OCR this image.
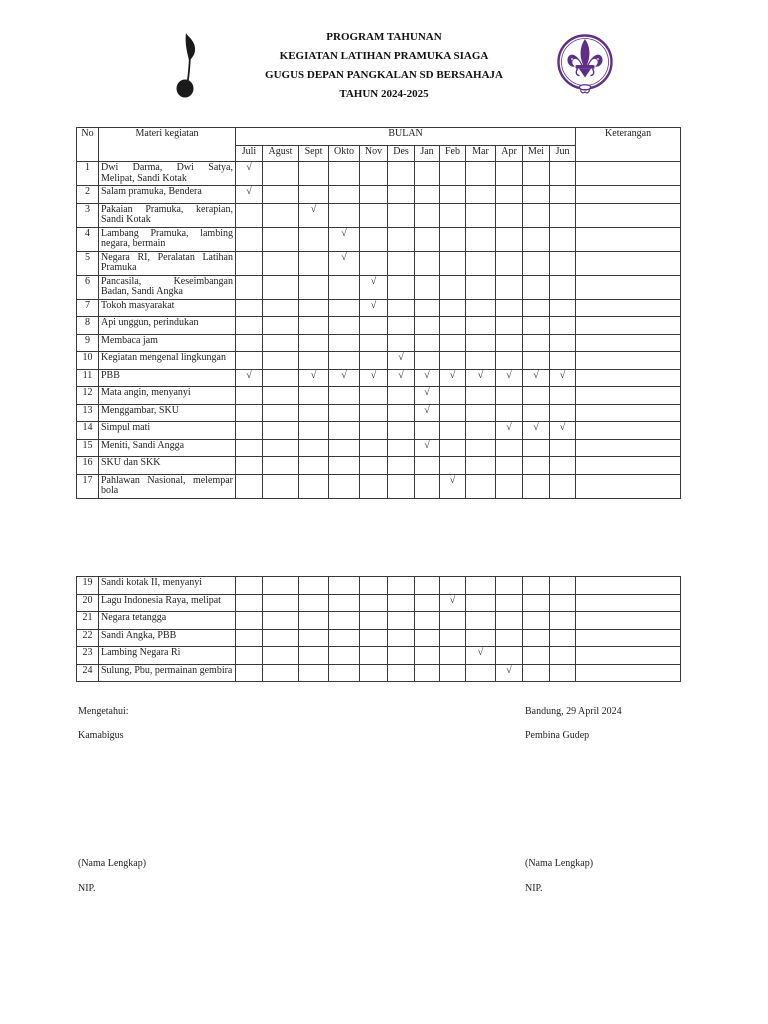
PROGRAM TAHUNAN
KEGIATAN LATIHAN PRAMUKA SIAGA
GUGUS DEPAN PANGKALAN SD BERSAHAJA
TAHUN 2024-2025
No	Materi kegiatan	BULAN												Keterangan
		Juli	Agust	Sept	Okto	Nov	Des	Jan	Feb	Mar	Apr	Mei	Jun	
1	Dwi Darma, Dwi Satya, Melipat, Sandi Kotak	√												
2	Salam pramuka, Bendera	√												
3	Pakaian Pramuka, kerapian, Sandi Kotak			√										
4	Lambang Pramuka, lambing negara, bermain				√									
5	Negara RI, Peralatan Latihan Pramuka				√									
6	Pancasila, Keseimbangan Badan, Sandi Angka					√								
7	Tokoh masyarakat					√								
8	Api unggun, perindukan													
9	Membaca jam													
10	Kegiatan mengenal lingkungan						√							
11	PBB	√		√	√	√	√	√	√	√	√	√	√	
12	Mata angin, menyanyi							√						
13	Menggambar, SKU							√						
14	Simpul mati										√	√	√	
15	Meniti, Sandi Angga							√						
16	SKU dan SKK													
17	Pahlawan Nasional, melempar bola								√					
19	Sandi kotak II, menyanyi													
20	Lagu Indonesia Raya, melipat								√					
21	Negara tetangga													
22	Sandi Angka, PBB													
23	Lambing Negara Ri									√				
24	Sulung, Pbu, permainan gembira										√			
Mengetahui:	Bandung, 29 April 2024
Kamabigus	Pembina Gudep
(Nama Lengkap)	(Nama Lengkap)
NIP.	NIP.
